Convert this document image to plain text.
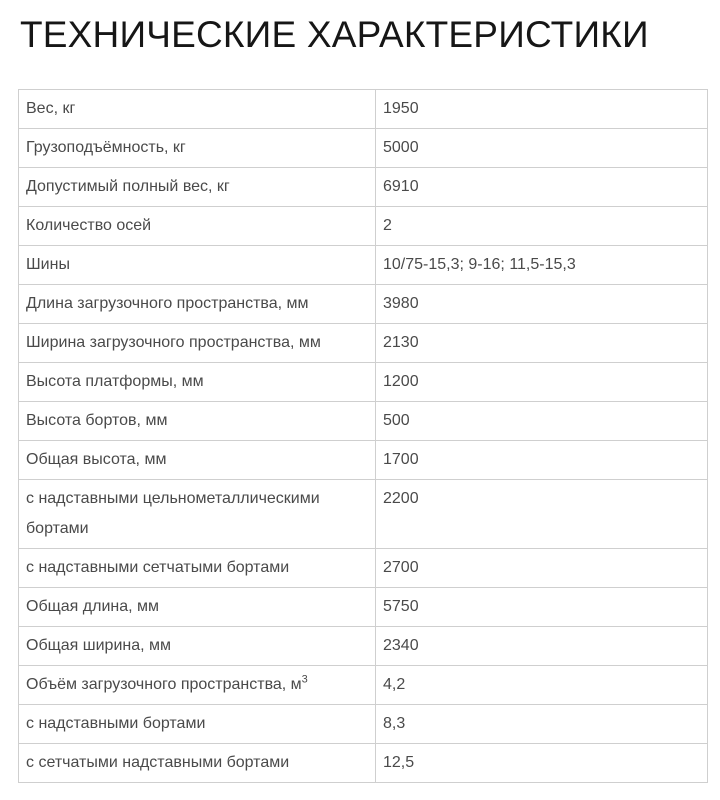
ТЕХНИЧЕСКИЕ ХАРАКТЕРИСТИКИ
Вес, кг	1950
Грузоподъёмность, кг	5000
Допустимый полный вес, кг	6910
Количество осей	2
Шины	10/75-15,3; 9-16; 11,5-15,3
Длина загрузочного пространства, мм	3980
Ширина загрузочного пространства, мм	2130
Высота платформы, мм	1200
Высота бортов, мм	500
Общая высота, мм	1700
с надставными цельнометаллическими бортами	2200
с надставными сетчатыми бортами	2700
Общая длина, мм	5750
Общая ширина, мм	2340
Объём загрузочного пространства, $м^3$	4,2
с надставными бортами	8,3
с сетчатыми надставными бортами	12,5
